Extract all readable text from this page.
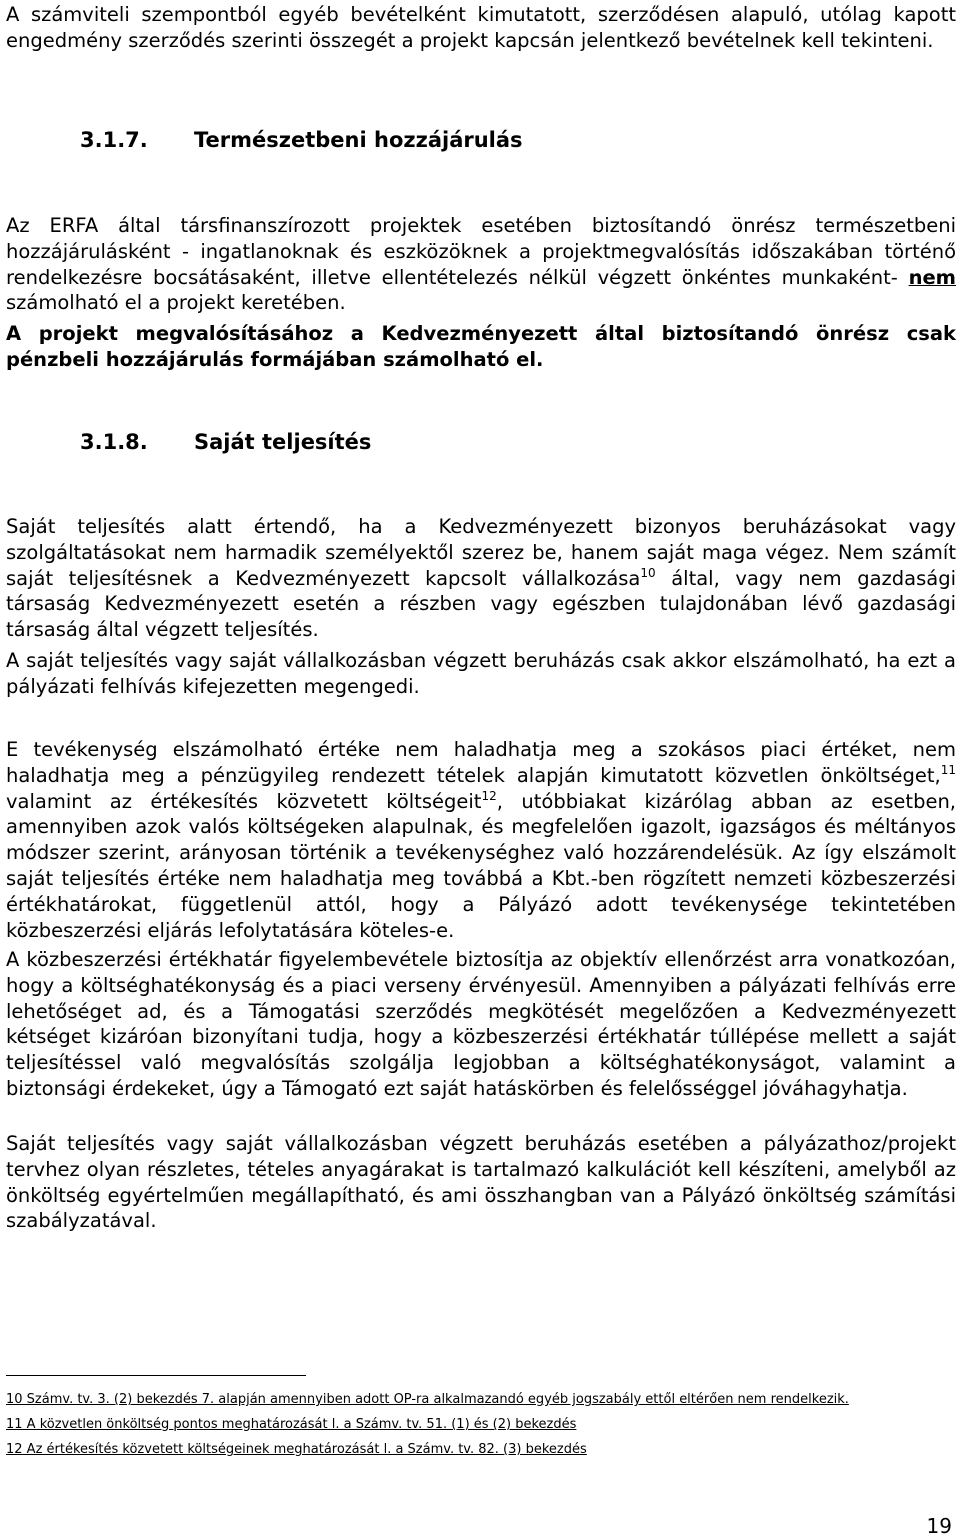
A számviteli szempontból egyéb bevételként kimutatott, szerződésen alapuló, utólag kapott engedmény szerződés szerinti összegét a projekt kapcsán jelentkező bevételnek kell tekinteni.

3.1.7. Természetbeni hozzájárulás

Az ERFA által társfinanszírozott projektek esetében biztosítandó önrész természetbeni hozzájárulásként - ingatlanoknak és eszközöknek a projektmegvalósítás időszakában történő rendelkezésre bocsátásaként, illetve ellentételezés nélkül végzett önkéntes munkaként- nem számolható el a projekt keretében.

A projekt megvalósításához a Kedvezményezett által biztosítandó önrész csak pénzbeli hozzájárulás formájában számolható el.

3.1.8. Saját teljesítés

Saját teljesítés alatt értendő, ha a Kedvezményezett bizonyos beruházásokat vagy szolgáltatásokat nem harmadik személyektől szerez be, hanem saját maga végez. Nem számít saját teljesítésnek a Kedvezményezett kapcsolt vállalkozása$^{10}$ által, vagy nem gazdasági társaság Kedvezményezett esetén a részben vagy egészben tulajdonában lévő gazdasági társaság által végzett teljesítés.

A saját teljesítés vagy saját vállalkozásban végzett beruházás csak akkor elszámolható, ha ezt a pályázati felhívás kifejezetten megengedi.

E tevékenység elszámolható értéke nem haladhatja meg a szokásos piaci értéket, nem haladhatja meg a pénzügyileg rendezett tételek alapján kimutatott közvetlen önköltséget,$^{11}$ valamint az értékesítés közvetett költségeit$^{12}$, utóbbiakat kizárólag abban az esetben, amennyiben azok valós költségeken alapulnak, és megfelelően igazolt, igazságos és méltányos módszer szerint, arányosan történik a tevékenységhez való hozzárendelésük. Az így elszámolt saját teljesítés értéke nem haladhatja meg továbbá a Kbt.-ben rögzített nemzeti közbeszerzési értékhatárokat, függetlenül attól, hogy a Pályázó adott tevékenysége tekintetében közbeszerzési eljárás lefolytatására köteles-e.

A közbeszerzési értékhatár figyelembevétele biztosítja az objektív ellenőrzést arra vonatkozóan, hogy a költséghatékonyság és a piaci verseny érvényesül. Amennyiben a pályázati felhívás erre lehetőséget ad, és a Támogatási szerződés megkötését megelőzően a Kedvezményezett kétséget kizáróan bizonyítani tudja, hogy a közbeszerzési értékhatár túllépése mellett a saját teljesítéssel való megvalósítás szolgálja legjobban a költséghatékonyságot, valamint a biztonsági érdekeket, úgy a Támogató ezt saját hatáskörben és felelősséggel jóváhagyhatja.

Saját teljesítés vagy saját vállalkozásban végzett beruházás esetében a pályázathoz/projekt tervhez olyan részletes, tételes anyagárakat is tartalmazó kalkulációt kell készíteni, amelyből az önköltség egyértelműen megállapítható, és ami összhangban van a Pályázó önköltség számítási szabályzatával.

10 Számv. tv. 3. (2) bekezdés 7. alapján amennyiben adott OP-ra alkalmazandó egyéb jogszabály ettől eltérően nem rendelkezik.

11 A közvetlen önköltség pontos meghatározását l. a Számv. tv. 51. (1) és (2) bekezdés

12 Az értékesítés közvetett költségeinek meghatározását l. a Számv. tv. 82. (3) bekezdés

19
